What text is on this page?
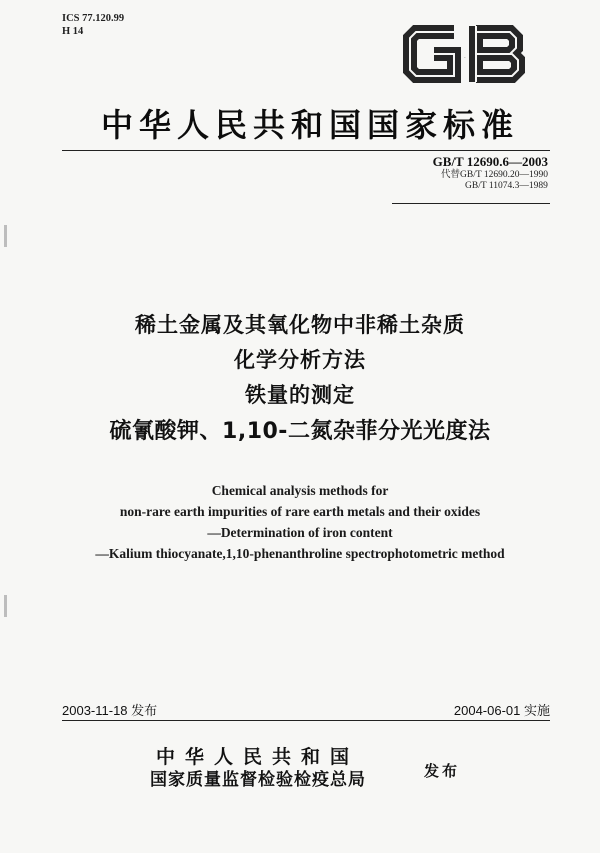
ICS 77.120.99
H 14
GB
中华人民共和国国家标准
GB/T 12690.6—2003
代替GB/T 12690.20—1990
GB/T 11074.3—1989
稀土金属及其氧化物中非稀土杂质
化学分析方法
铁量的测定
硫氰酸钾、1,10-二氮杂菲分光光度法
Chemical analysis methods for
non-rare earth impurities of rare earth metals and their oxides
—Determination of iron content
—Kalium thiocyanate,1,10-phenanthroline spectrophotometric method
2003-11-18 发布	2004-06-01 实施
中华人民共和国
国家质量监督检验检疫总局	发布
